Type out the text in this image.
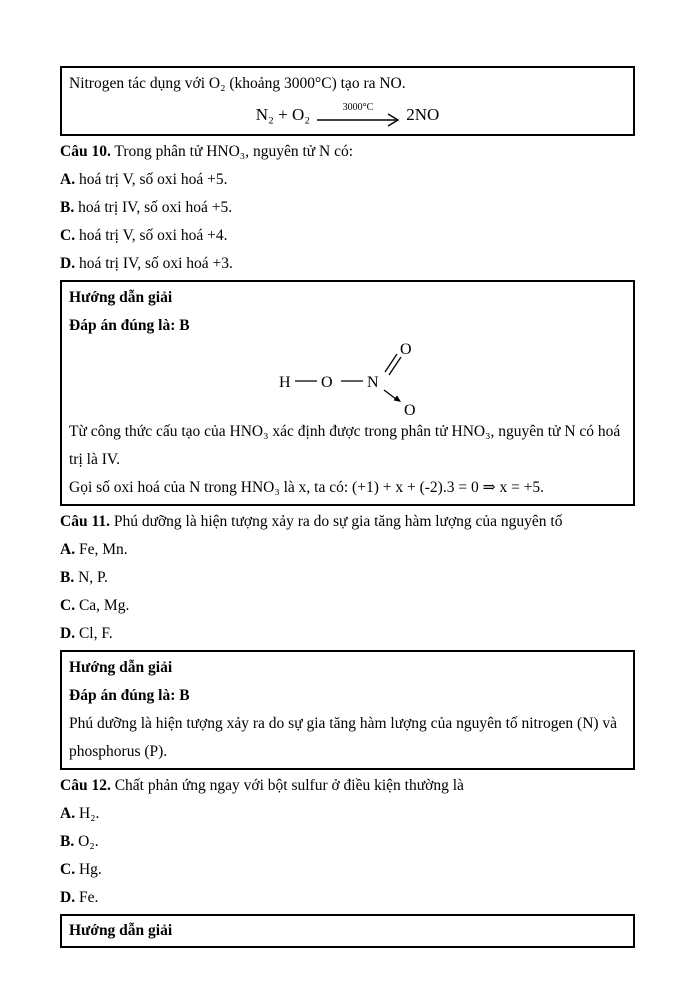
Nitrogen tác dụng với O₂ (khoảng 3000°C) tạo ra NO.

N₂ + O₂	3000°C 2NO

Câu 10. Trong phân tử HNO₃, nguyên tử N có:

A. hoá trị V, số oxi hoá +5.

B. hoá trị IV, số oxi hoá +5.

C. hoá trị V, số oxi hoá +4.

D. hoá trị IV, số oxi hoá +3.

Hướng dẫn giải

Đáp án đúng là: B

H O N
O
O

Từ công thức cấu tạo của HNO₃ xác định được trong phân tử HNO₃, nguyên tử N có hoá trị là IV.

Gọi số oxi hoá của N trong HNO₃ là x, ta có: (+1) + x + (-2).3 = 0 ⇒ x = +5.

Câu 11. Phú dưỡng là hiện tượng xảy ra do sự gia tăng hàm lượng của nguyên tố

A. Fe, Mn.

B. N, P.

C. Ca, Mg.

D. Cl, F.

Hướng dẫn giải

Đáp án đúng là: B

Phú dưỡng là hiện tượng xảy ra do sự gia tăng hàm lượng của nguyên tố nitrogen (N) và phosphorus (P).

Câu 12. Chất phản ứng ngay với bột sulfur ở điều kiện thường là

A. H₂.

B. O₂.

C. Hg.

D. Fe.

Hướng dẫn giải
